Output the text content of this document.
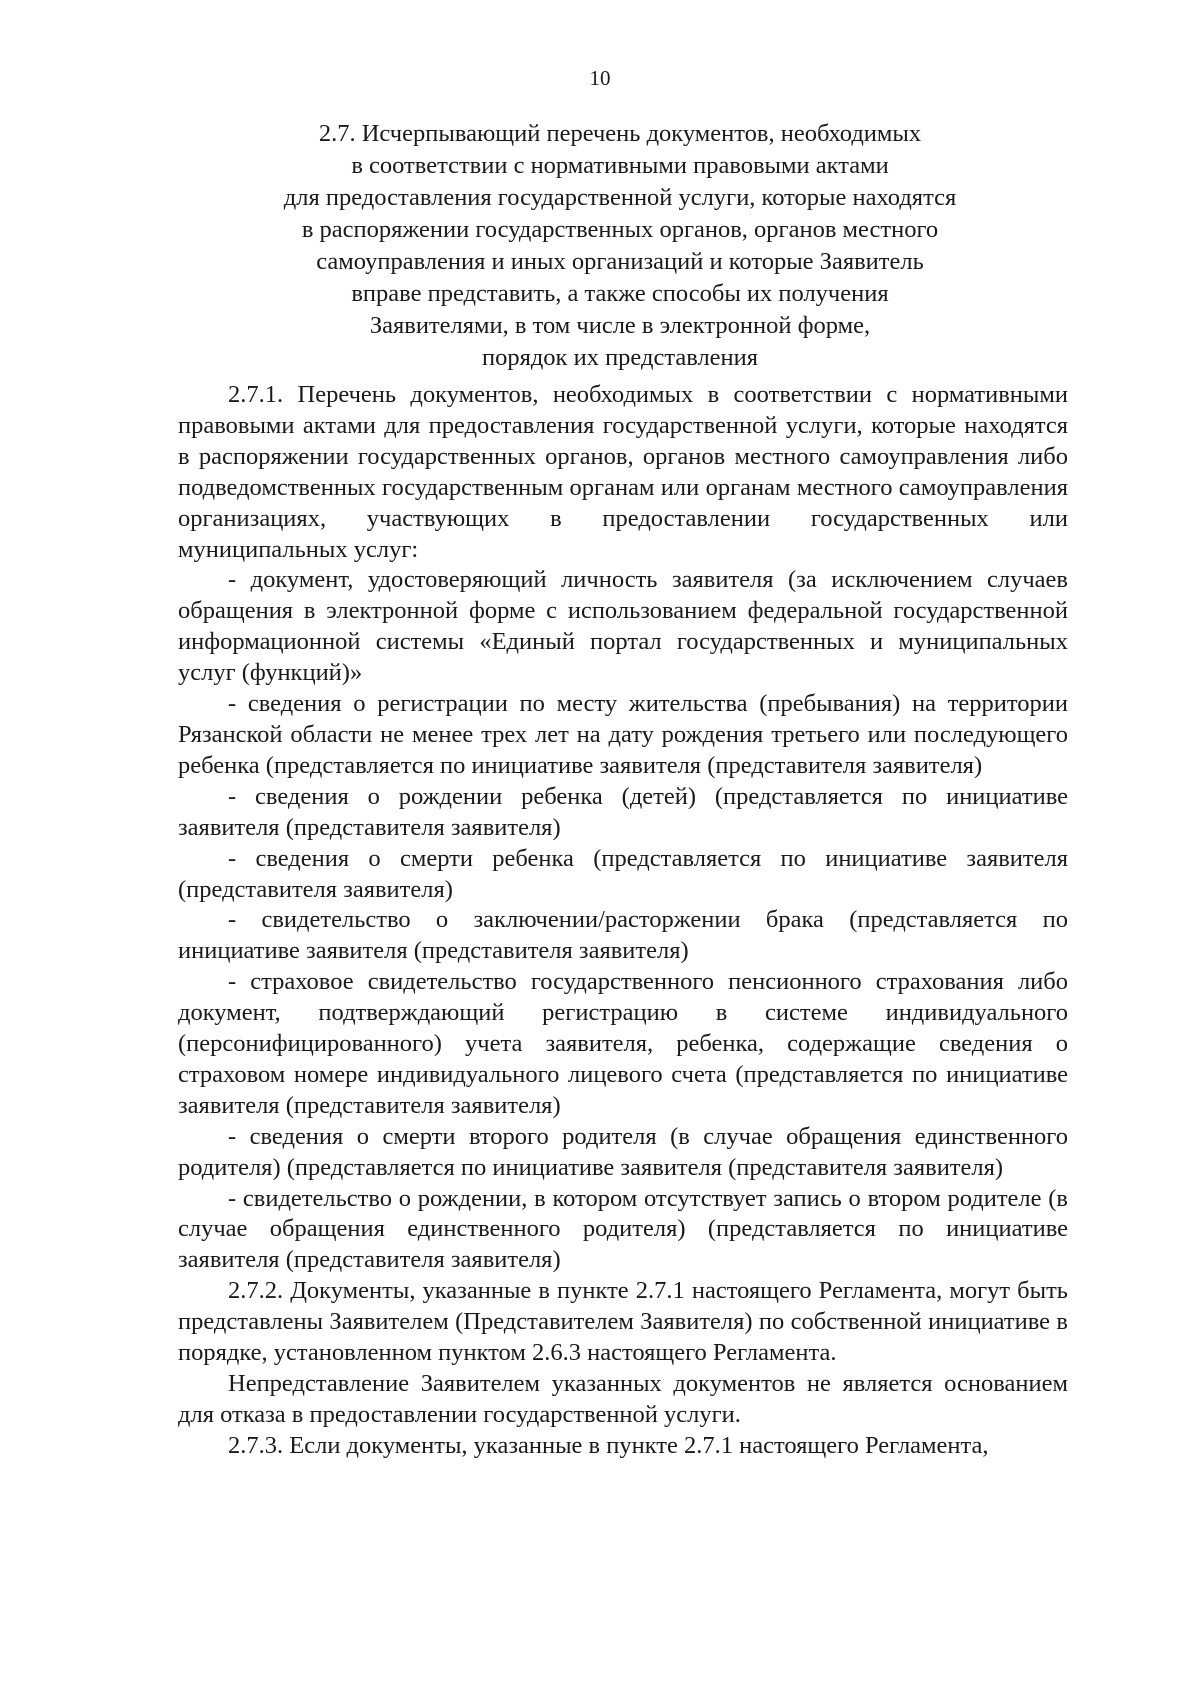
10
2.7. Исчерпывающий перечень документов, необходимых
в соответствии с нормативными правовыми актами
для предоставления государственной услуги, которые находятся
в распоряжении государственных органов, органов местного
самоуправления и иных организаций и которые Заявитель
вправе представить, а также способы их получения
Заявителями, в том числе в электронной форме,
порядок их представления

2.7.1. Перечень документов, необходимых в соответствии с нормативными правовыми актами для предоставления государственной услуги, которые находятся в распоряжении государственных органов, органов местного самоуправления либо подведомственных государственным органам или органам местного самоуправления организациях, участвующих в предоставлении государственных или муниципальных услуг:

- документ, удостоверяющий личность заявителя (за исключением случаев обращения в электронной форме с использованием федеральной государственной информационной системы «Единый портал государственных и муниципальных услуг (функций)»

- сведения о регистрации по месту жительства (пребывания) на территории Рязанской области не менее трех лет на дату рождения третьего или последующего ребенка (представляется по инициативе заявителя (представителя заявителя)

- сведения о рождении ребенка (детей) (представляется по инициативе заявителя (представителя заявителя)

- сведения о смерти ребенка (представляется по инициативе заявителя (представителя заявителя)

- свидетельство о заключении/расторжении брака (представляется по инициативе заявителя (представителя заявителя)

- страховое свидетельство государственного пенсионного страхования либо документ, подтверждающий регистрацию в системе индивидуального (персонифицированного) учета заявителя, ребенка, содержащие сведения о страховом номере индивидуального лицевого счета (представляется по инициативе заявителя (представителя заявителя)

- сведения о смерти второго родителя (в случае обращения единственного родителя) (представляется по инициативе заявителя (представителя заявителя)

- свидетельство о рождении, в котором отсутствует запись о втором родителе (в случае обращения единственного родителя) (представляется по инициативе заявителя (представителя заявителя)

2.7.2. Документы, указанные в пункте 2.7.1 настоящего Регламента, могут быть представлены Заявителем (Представителем Заявителя) по собственной инициативе в порядке, установленном пунктом 2.6.3 настоящего Регламента.

Непредставление Заявителем указанных документов не является основанием для отказа в предоставлении государственной услуги.

2.7.3. Если документы, указанные в пункте 2.7.1 настоящего Регламента,
